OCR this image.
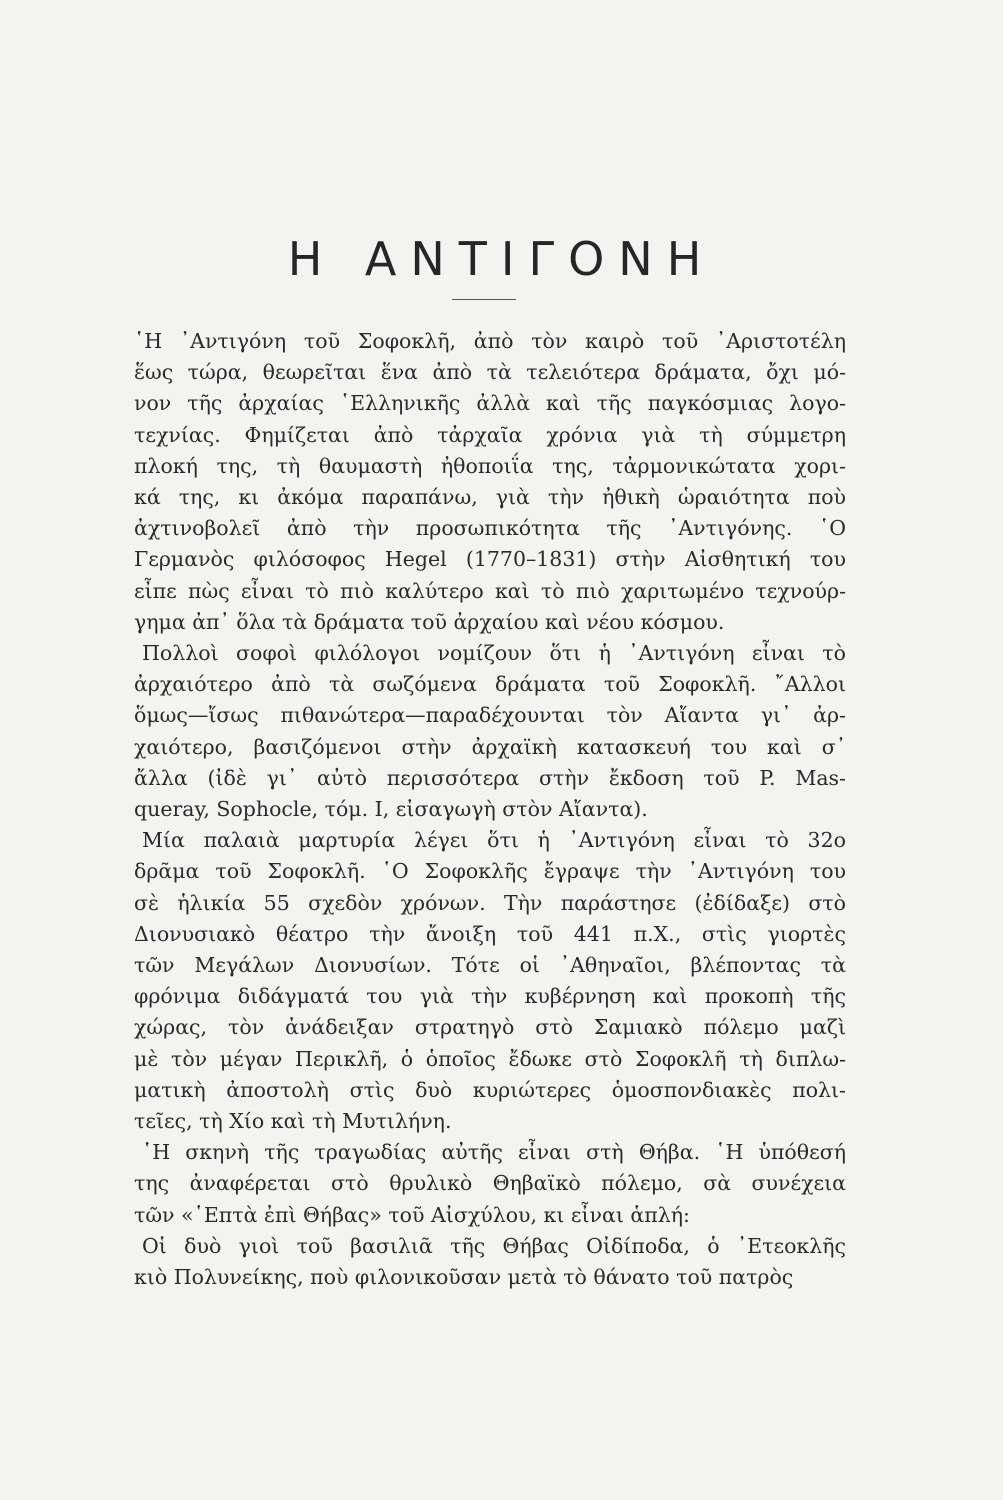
Η ΑΝΤΙΓΟΝΗ
῾Η ᾽Αντιγόνη τοῦ Σοφοκλῆ, ἀπὸ τὸν καιρὸ τοῦ ᾽Αριστοτέλη
ἕως τώρα, θεωρεῖται ἕνα ἀπὸ τὰ τελειότερα δράματα, ὄχι μό-
νον τῆς ἀρχαίας ῾Ελληνικῆς ἀλλὰ καὶ τῆς παγκόσμιας λογο-
τεχνίας. Φημίζεται ἀπὸ τἀρχαῖα χρόνια γιὰ τὴ σύμμετρη
πλοκή της, τὴ θαυμαστὴ ἠθοποιΐα της, τἀρμονικώτατα χορι-
κά της, κι ἀκόμα παραπάνω, γιὰ τὴν ἠθικὴ ὡραιότητα ποὺ
ἀχτινοβολεῖ ἀπὸ τὴν προσωπικότητα τῆς ᾽Αντιγόνης. ῾Ο
Γερμανὸς φιλόσοφος Hegel (1770–1831) στὴν Αἰσθητική του
εἶπε πὼς εἶναι τὸ πιὸ καλύτερο καὶ τὸ πιὸ χαριτωμένο τεχνούρ-
γημα ἀπ᾽ ὅλα τὰ δράματα τοῦ ἀρχαίου καὶ νέου κόσμου.
Πολλοὶ σοφοὶ φιλόλογοι νομίζουν ὅτι ἡ ᾽Αντιγόνη εἶναι τὸ
ἀρχαιότερο ἀπὸ τὰ σωζόμενα δράματα τοῦ Σοφοκλῆ. ῎Αλλοι
ὅμως—ἴσως πιθανώτερα—παραδέχουνται τὸν Αἴαντα γι᾽ ἀρ-
χαιότερο, βασιζόμενοι στὴν ἀρχαϊκὴ κατασκευή του καὶ σ᾽
ἄλλα (ἰδὲ γι᾽ αὐτὸ περισσότερα στὴν ἔκδοση τοῦ P. Mas-
queray, Sophocle, τόμ. I, εἰσαγωγὴ στὸν Αἴαντα).
Μία παλαιὰ μαρτυρία λέγει ὅτι ἡ ᾽Αντιγόνη εἶναι τὸ 32ο
δρᾶμα τοῦ Σοφοκλῆ. ῾Ο Σοφοκλῆς ἔγραψε τὴν ᾽Αντιγόνη του
σὲ ἡλικία 55 σχεδὸν χρόνων. Τὴν παράστησε (ἐδίδαξε) στὸ
Διονυσιακὸ θέατρο τὴν ἄνοιξη τοῦ 441 π.Χ., στὶς γιορτὲς
τῶν Μεγάλων Διονυσίων. Τότε οἱ ᾽Αθηναῖοι, βλέποντας τὰ
φρόνιμα διδάγματά του γιὰ τὴν κυβέρνηση καὶ προκοπὴ τῆς
χώρας, τὸν ἀνάδειξαν στρατηγὸ στὸ Σαμιακὸ πόλεμο μαζὶ
μὲ τὸν μέγαν Περικλῆ, ὁ ὁποῖος ἔδωκε στὸ Σοφοκλῆ τὴ διπλω-
ματικὴ ἀποστολὴ στὶς δυὸ κυριώτερες ὁμοσπονδιακὲς πολι-
τεῖες, τὴ Χίο καὶ τὴ Μυτιλήνη.
῾Η σκηνὴ τῆς τραγωδίας αὐτῆς εἶναι στὴ Θήβα. ῾Η ὑπόθεσή
της ἀναφέρεται στὸ θρυλικὸ Θηβαϊκὸ πόλεμο, σὰ συνέχεια
τῶν «῾Επτὰ ἐπὶ Θήβας» τοῦ Αἰσχύλου, κι εἶναι ἁπλή:
Οἱ δυὸ γιοὶ τοῦ βασιλιᾶ τῆς Θήβας Οἰδίποδα, ὁ ᾽Ετεοκλῆς
κιὸ Πολυνείκης, ποὺ φιλονικοῦσαν μετὰ τὸ θάνατο τοῦ πατρὸς
